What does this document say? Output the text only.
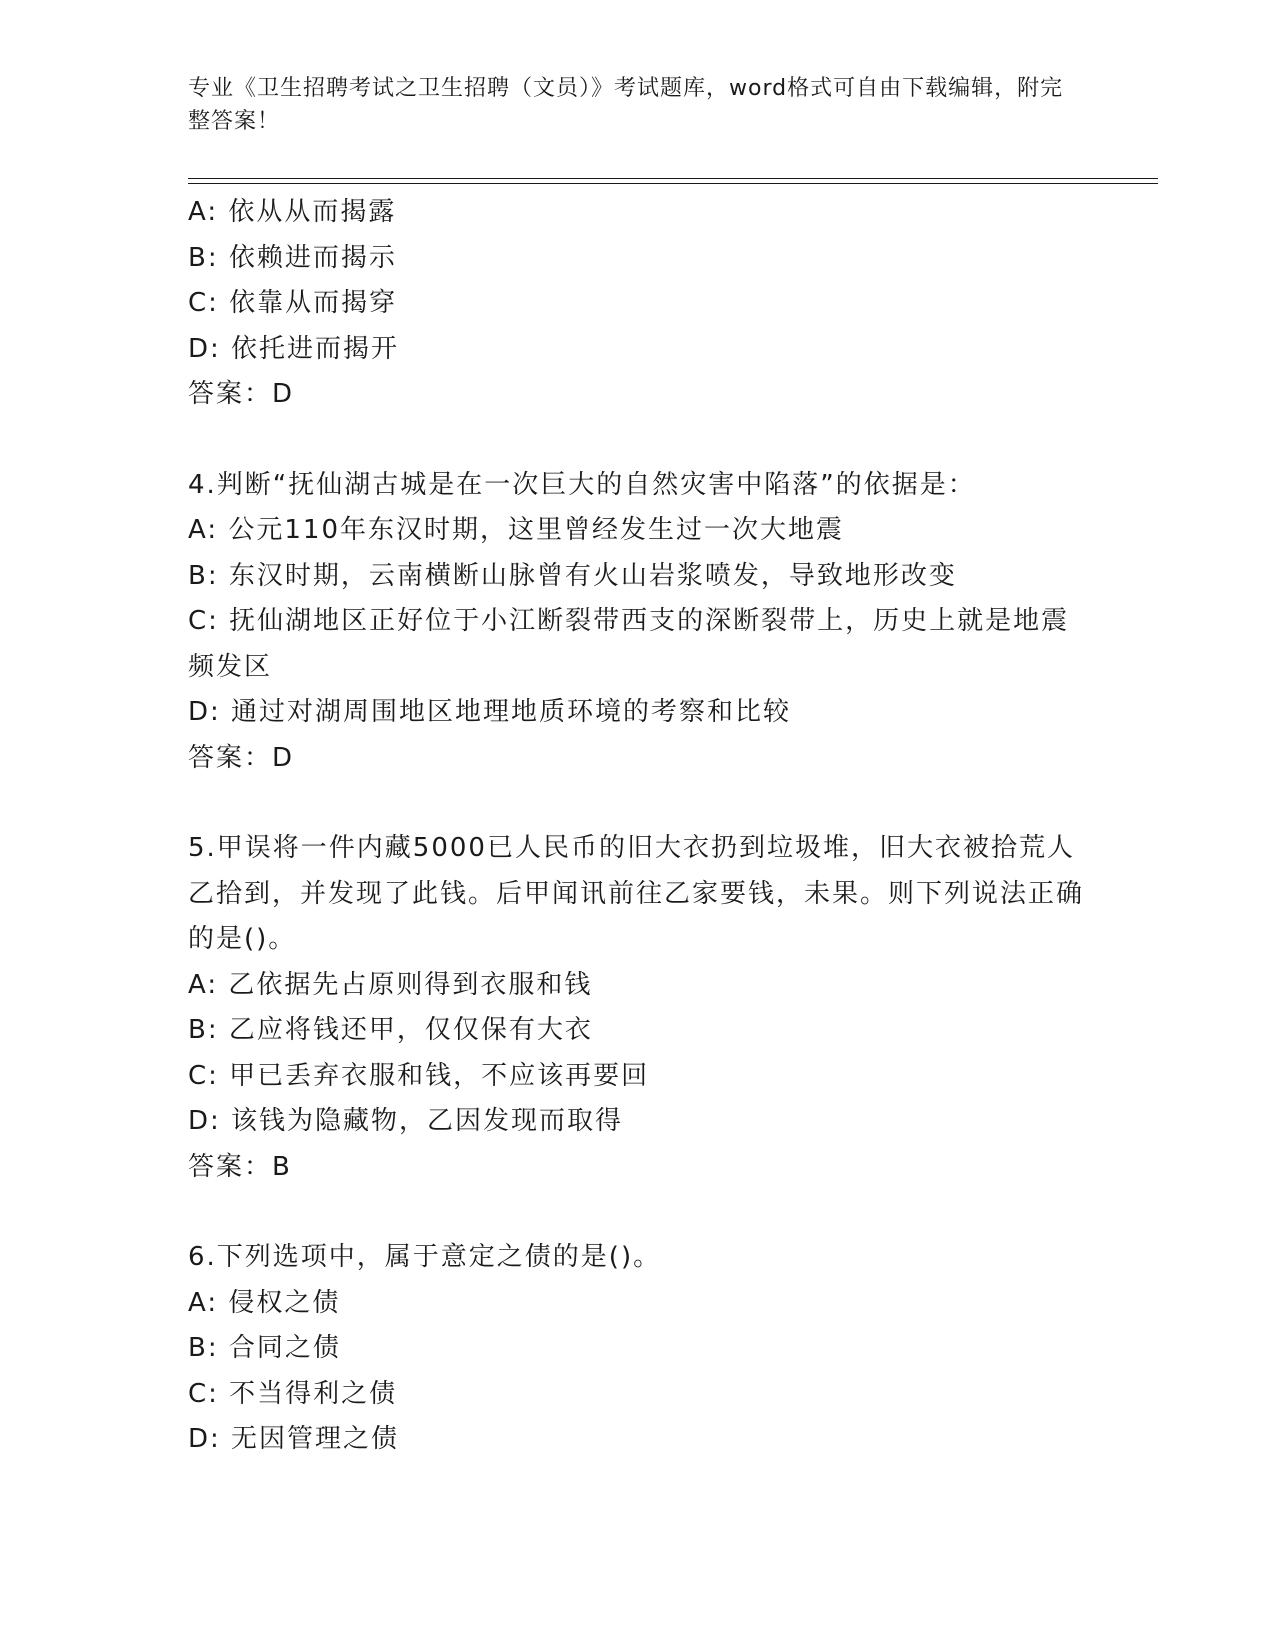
专业《卫生招聘考试之卫生招聘（文员）》考试题库，word格式可自由下载编辑，附完整答案！

A: 依从从而揭露

B: 依赖进而揭示

C: 依靠从而揭穿

D: 依托进而揭开

答案：D

4.判断“抚仙湖古城是在一次巨大的自然灾害中陷落”的依据是：

A: 公元110年东汉时期，这里曾经发生过一次大地震

B: 东汉时期，云南横断山脉曾有火山岩浆喷发，导致地形改变

C: 抚仙湖地区正好位于小江断裂带西支的深断裂带上，历史上就是地震频发区

D: 通过对湖周围地区地理地质环境的考察和比较

答案：D

5.甲误将一件内藏5000已人民币的旧大衣扔到垃圾堆，旧大衣被拾荒人乙拾到，并发现了此钱。后甲闻讯前往乙家要钱，未果。则下列说法正确的是()。

A: 乙依据先占原则得到衣服和钱

B: 乙应将钱还甲，仅仅保有大衣

C: 甲已丢弃衣服和钱，不应该再要回

D: 该钱为隐藏物，乙因发现而取得

答案：B

6.下列选项中，属于意定之债的是()。

A: 侵权之债

B: 合同之债

C: 不当得利之债

D: 无因管理之债
